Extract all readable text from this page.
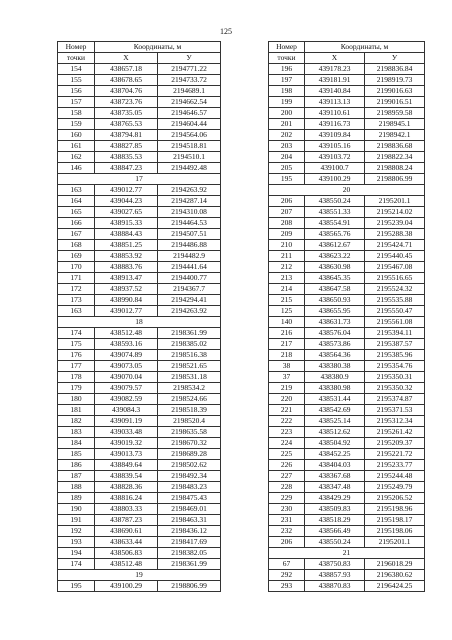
125
Номер	Координаты, м	
точки	X	У
154	438657.18	2194771.22
155	438678.65	2194733.72
156	438704.76	2194689.1
157	438723.76	2194662.54
158	438735.05	2194646.57
159	438765.53	2194604.44
160	438794.81	2194564.06
161	438827.85	2194518.81
162	438835.53	2194510.1
146	438847.23	2194492.48
17		
163	439012.77	2194263.92
164	439044.23	2194287.14
165	439027.65	2194310.08
166	438915.33	2194464.53
167	438884.43	2194507.51
168	438851.25	2194486.88
169	438853.92	2194482.9
170	438883.76	2194441.64
171	438913.47	2194400.77
172	438937.52	2194367.7
173	438990.84	2194294.41
163	439012.77	2194263.92
18		
174	438512.48	2198361.99
175	438593.16	2198385.02
176	439074.89	2198516.38
177	439073.05	2198521.65
178	439070.04	2198531.18
179	439079.57	2198534.2
180	439082.59	2198524.66
181	439084.3	2198518.39
182	439091.19	2198520.4
183	439033.48	2198635.58
184	439019.32	2198670.32
185	439013.73	2198689.28
186	438849.64	2198502.62
187	438839.54	2198492.34
188	438828.36	2198483.23
189	438816.24	2198475.43
190	438803.33	2198469.01
191	438787.23	2198463.31
192	438690.61	2198436.12
193	438633.44	2198417.69
194	438506.83	2198382.05
174	438512.48	2198361.99
19		
195	439100.29	2198806.99
Номер	Координаты, м	
точки	X	У
196	439178.23	2198836.84
197	439181.91	2198919.73
198	439140.84	2199016.63
199	439113.13	2199016.51
200	439110.61	2198959.58
201	439116.73	2198945.1
202	439109.84	2198942.1
203	439105.16	2198836.68
204	439103.72	2198822.34
205	439100.7	2198808.24
195	439100.29	2198806.99
20		
206	438550.24	2195201.1
207	438551.33	2195214.02
208	438554.91	2195239.04
209	438565.76	2195288.38
210	438612.67	2195424.71
211	438623.22	2195440.45
212	438630.98	2195467.08
213	438645.35	2195516.65
214	438647.58	2195524.32
215	438650.93	2195535.88
125	438655.95	2195550.47
140	438631.73	2195561.08
216	438576.04	2195394.11
217	438573.86	2195387.57
218	438564.36	2195385.96
38	438380.38	2195354.76
37	438380.9	2195350.31
219	438380.98	2195350.32
220	438531.44	2195374.87
221	438542.69	2195371.53
222	438525.14	2195312.34
223	438512.62	2195261.42
224	438504.92	2195209.37
225	438452.25	2195221.72
226	438404.03	2195233.77
227	438367.68	2195244.48
228	438347.48	2195249.79
229	438429.29	2195206.52
230	438509.83	2195198.96
231	438518.29	2195198.17
232	438566.49	2195198.06
206	438550.24	2195201.1
21		
67	438750.83	2196018.29
292	438857.93	2196380.62
293	438870.83	2196424.25
